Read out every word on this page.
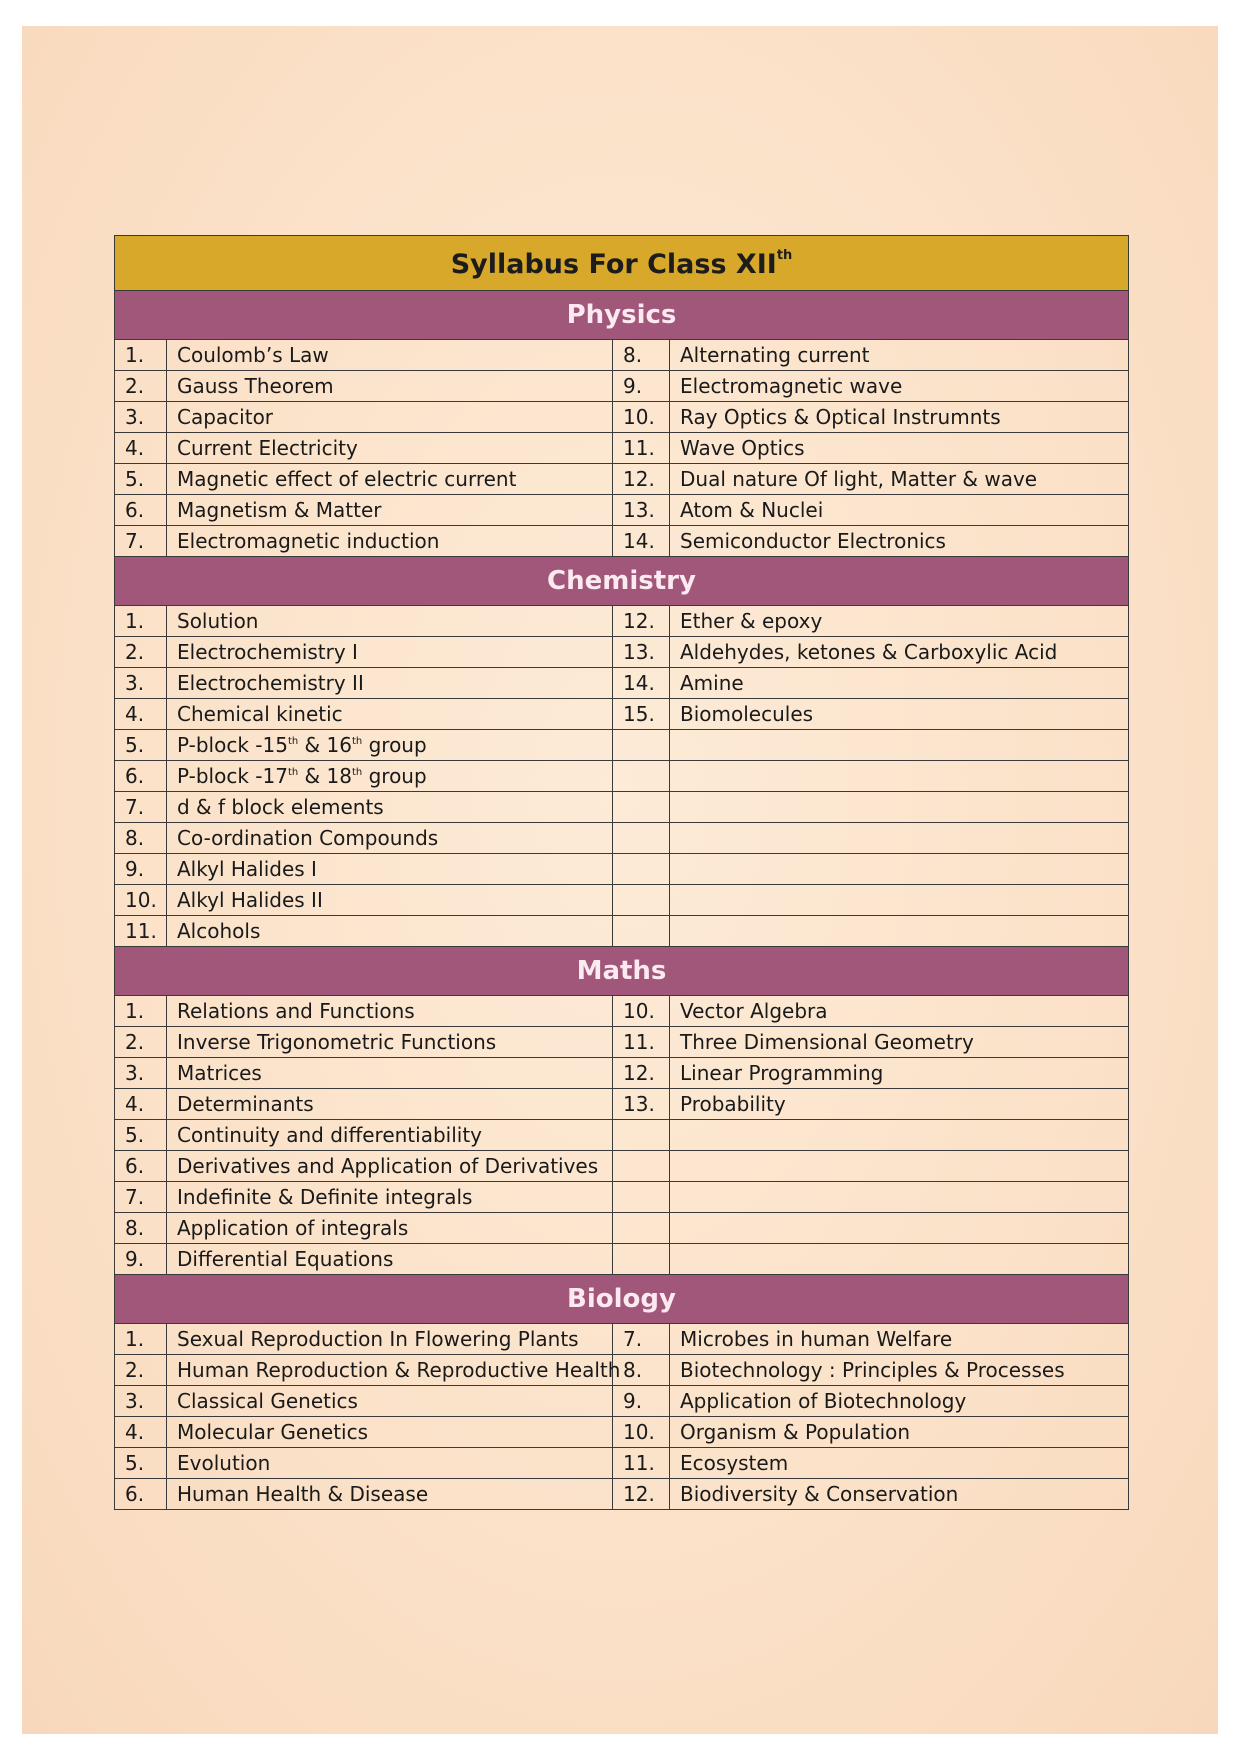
Syllabus For Class XIIth
Physics			
1.	Coulomb’s Law	8.	Alternating current
2.	Gauss Theorem	9.	Electromagnetic wave
3.	Capacitor	10.	Ray Optics & Optical Instrumnts
4.	Current Electricity	11.	Wave Optics
5.	Magnetic effect of electric current	12.	Dual nature Of light, Matter & wave
6.	Magnetism & Matter	13.	Atom & Nuclei
7.	Electromagnetic induction	14.	Semiconductor Electronics
Chemistry			
1.	Solution	12.	Ether & epoxy
2.	Electrochemistry I	13.	Aldehydes, ketones & Carboxylic Acid
3.	Electrochemistry II	14.	Amine
4.	Chemical kinetic	15.	Biomolecules
5.	P-block -15th & 16th group		
6.	P-block -17th & 18th group		
7.	d & f block elements		
8.	Co-ordination Compounds		
9.	Alkyl Halides I		
10.	Alkyl Halides II		
11.	Alcohols		
Maths			
1.	Relations and Functions	10.	Vector Algebra
2.	Inverse Trigonometric Functions	11.	Three Dimensional Geometry
3.	Matrices	12.	Linear Programming
4.	Determinants	13.	Probability
5.	Continuity and differentiability		
6.	Derivatives and Application of Derivatives		
7.	Indefinite & Definite integrals		
8.	Application of integrals		
9.	Differential Equations		
Biology			
1.	Sexual Reproduction In Flowering Plants	7.	Microbes in human Welfare
2.	Human Reproduction & Reproductive Health	8.	Biotechnology : Principles & Processes
3.	Classical Genetics	9.	Application of Biotechnology
4.	Molecular Genetics	10.	Organism & Population
5.	Evolution	11.	Ecosystem
6.	Human Health & Disease	12.	Biodiversity & Conservation
